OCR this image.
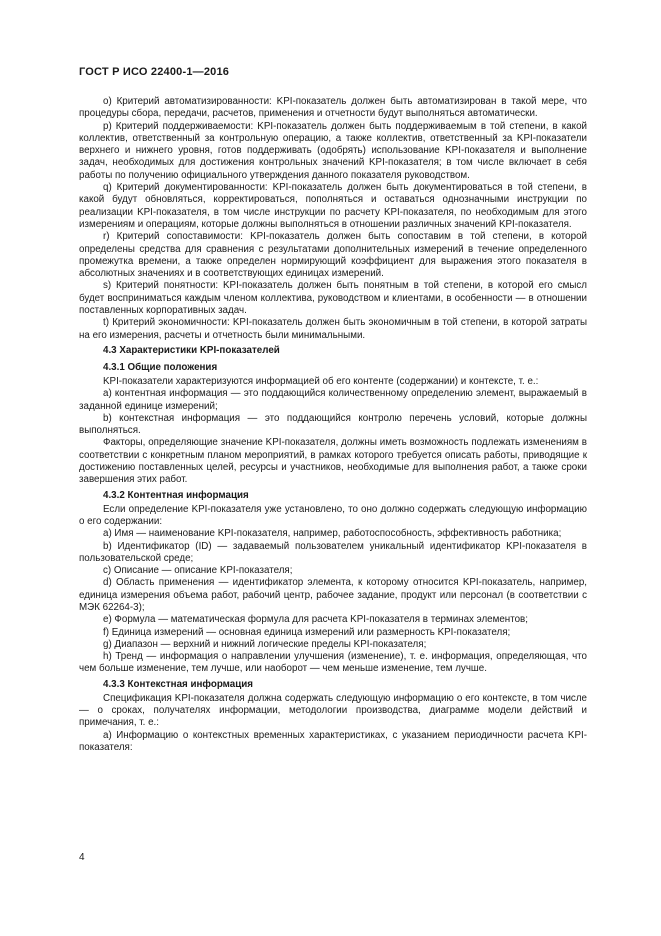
ГОСТ Р ИСО 22400-1—2016

о) Критерий автоматизированности: KPI-показатель должен быть автоматизирован в такой мере, что процедуры сбора, передачи, расчетов, применения и отчетности будут выполняться автоматически.

p) Критерий поддерживаемости: KPI-показатель должен быть поддерживаемым в той степени, в какой коллектив, ответственный за контрольную операцию, а также коллектив, ответственный за KPI-показатели верхнего и нижнего уровня, готов поддерживать (одобрять) использование KPI-показателя и выполнение задач, необходимых для достижения контрольных значений KPI-показателя; в том числе включает в себя работы по получению официального утверждения данного показателя руководством.

q) Критерий документированности: KPI-показатель должен быть документироваться в той степени, в какой будут обновляться, корректироваться, пополняться и оставаться однозначными инструкции по реализации KPI-показателя, в том числе инструкции по расчету KPI-показателя, по необходимым для этого измерениям и операциям, которые должны выполняться в отношении различных значений KPI-показателя.

r) Критерий сопоставимости: KPI-показатель должен быть сопоставим в той степени, в которой определены средства для сравнения с результатами дополнительных измерений в течение определенного промежутка времени, а также определен нормирующий коэффициент для выражения этого показателя в абсолютных значениях и в соответствующих единицах измерений.

s) Критерий понятности: KPI-показатель должен быть понятным в той степени, в которой его смысл будет восприниматься каждым членом коллектива, руководством и клиентами, в особенности — в отношении поставленных корпоративных задач.

t) Критерий экономичности: KPI-показатель должен быть экономичным в той степени, в которой затраты на его измерения, расчеты и отчетность были минимальными.

4.3 Характеристики KPI-показателей

4.3.1 Общие положения

KPI-показатели характеризуются информацией об его контенте (содержании) и контексте, т. е.:

а) контентная информация — это поддающийся количественному определению элемент, выражаемый в заданной единице измерений;

b) контекстная информация — это поддающийся контролю перечень условий, которые должны выполняться.

Факторы, определяющие значение KPI-показателя, должны иметь возможность подлежать изменениям в соответствии с конкретным планом мероприятий, в рамках которого требуется описать работы, приводящие к достижению поставленных целей, ресурсы и участников, необходимые для выполнения работ, а также сроки завершения этих работ.

4.3.2 Контентная информация

Если определение KPI-показателя уже установлено, то оно должно содержать следующую информацию о его содержании:

а) Имя — наименование KPI-показателя, например, работоспособность, эффективность работника;

b) Идентификатор (ID) — задаваемый пользователем уникальный идентификатор KPI-показателя в пользовательской среде;

с) Описание — описание KPI-показателя;

d) Область применения — идентификатор элемента, к которому относится KPI-показатель, например, единица измерения объема работ, рабочий центр, рабочее задание, продукт или персонал (в соответствии с МЭК 62264-3);

е) Формула — математическая формула для расчета KPI-показателя в терминах элементов;

f) Единица измерений — основная единица измерений или размерность KPI-показателя;

g) Диапазон — верхний и нижний логические пределы KPI-показателя;

h) Тренд — информация о направлении улучшения (изменение), т. е. информация, определяющая, что чем больше изменение, тем лучше, или наоборот — чем меньше изменение, тем лучше.

4.3.3 Контекстная информация

Спецификация KPI-показателя должна содержать следующую информацию о его контексте, в том числе — о сроках, получателях информации, методологии производства, диаграмме модели действий и примечания, т. е.:

а) Информацию о контекстных временных характеристиках, с указанием периодичности расчета KPI-показателя:

4
